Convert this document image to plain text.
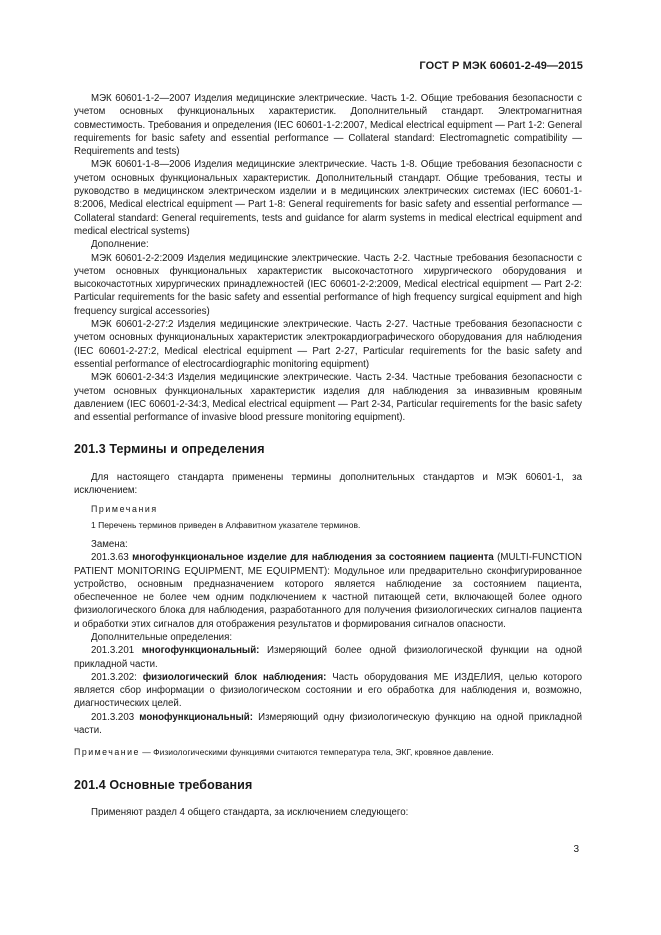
ГОСТ Р МЭК 60601-2-49—2015

МЭК 60601-1-2—2007 Изделия медицинские электрические. Часть 1-2. Общие требования безопасности с учетом основных функциональных характеристик. Дополнительный стандарт. Электромагнитная совместимость. Требования и определения (IEC 60601-1-2:2007, Medical electrical equipment — Part 1-2: General requirements for basic safety and essential performance — Collateral standard: Electromagnetic compatibility — Requirements and tests)

МЭК 60601-1-8—2006 Изделия медицинские электрические. Часть 1-8. Общие требования безопасности с учетом основных функциональных характеристик. Дополнительный стандарт. Общие требования, тесты и руководство в медицинском электрическом изделии и в медицинских электрических системах (IEC 60601-1-8:2006, Medical electrical equipment — Part 1-8: General requirements for basic safety and essential performance — Collateral standard: General requirements, tests and guidance for alarm systems in medical electrical equipment and medical electrical systems)

Дополнение:

МЭК 60601-2-2:2009 Изделия медицинские электрические. Часть 2-2. Частные требования безопасности с учетом основных функциональных характеристик высокочастотного хирургического оборудования и высокочастотных хирургических принадлежностей (IEC 60601-2-2:2009, Medical electrical equipment — Part 2-2: Particular requirements for the basic safety and essential performance of high frequency surgical equipment and high frequency surgical accessories)

МЭК 60601-2-27:2 Изделия медицинские электрические. Часть 2-27. Частные требования безопасности с учетом основных функциональных характеристик электрокардиографического оборудования для наблюдения (IEC 60601-2-27:2, Medical electrical equipment — Part 2-27, Particular requirements for the basic safety and essential performance of electrocardiographic monitoring equipment)

МЭК 60601-2-34:3 Изделия медицинские электрические. Часть 2-34. Частные требования безопасности с учетом основных функциональных характеристик изделия для наблюдения за инвазивным кровяным давлением (IEC 60601-2-34:3, Medical electrical equipment — Part 2-34, Particular requirements for the basic safety and essential performance of invasive blood pressure monitoring equipment).

201.3 Термины и определения

Для настоящего стандарта применены термины дополнительных стандартов и МЭК 60601-1, за исключением:

Примечания

1 Перечень терминов приведен в Алфавитном указателе терминов.

Замена:

201.3.63 многофункциональное изделие для наблюдения за состоянием пациента (MULTI-FUNCTION PATIENT MONITORING EQUIPMENT, ME EQUIPMENT): Модульное или предварительно сконфигурированное устройство, основным предназначением которого является наблюдение за состоянием пациента, обеспеченное не более чем одним подключением к частной питающей сети, включающей более одного физиологического блока для наблюдения, разработанного для получения физиологических сигналов пациента и обработки этих сигналов для отображения результатов и формирования сигналов опасности.

Дополнительные определения:

201.3.201 многофункциональный: Измеряющий более одной физиологической функции на одной прикладной части.

201.3.202: физиологический блок наблюдения: Часть оборудования ME ИЗДЕЛИЯ, целью которого является сбор информации о физиологическом состоянии и его обработка для наблюдения и, возможно, диагностических целей.

201.3.203 монофункциональный: Измеряющий одну физиологическую функцию на одной прикладной части.

Примечание — Физиологическими функциями считаются температура тела, ЭКГ, кровяное давление.

201.4 Основные требования

Применяют раздел 4 общего стандарта, за исключением следующего:

3
